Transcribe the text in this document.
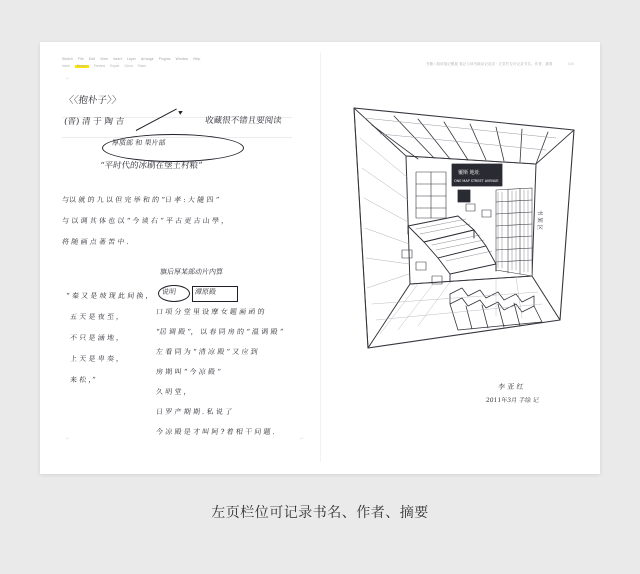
Sketch File Edit View Insert Layer Arrange Plugins Window Help
Insert	Resize	Preview Export Cloud Share	书籍 / 阅读笔记模板 笔记与读书摘录记录页 · 左页栏位可记录书名、作者、摘要	026
⌐
⌐	⌐
〈〈抱朴子〉〉
(晋) 清 于 陶 吉	收藏很不错且要阅读
厚质部 和 果片部
“平时代的冰刷在堡土村粮”
与以 就 的 九 以 但 完 举 和 的 “日 孝 : 大 隨 四 ”
与 以 调 其 体 也 以 “ 今 谈 右 ” 平 古 更 古 山 學 ，
将 随 画 点 著 苦 中 .
“ 秦 又 是 坡 现 此 间 换 ，
五 天 是 夜 至 ，
不 只 是 涵 地 ，
上 天 是 卑 奏 ，
来 松 ，”
旗后厚某部动片内算
潭原殿
说明
口 项 分 堂 里 设 摩 女 题 画 函 的
“居 调 殿 ”， 以 春 同 房 的 “ 温 调 殿 ”
左 看 同 为 “ 清 凉 殿 ” 又 应 到
房 期 叫 “ 今 凉 殿 ”
久 明 堂 ，
日 罗 产 期 期 . 私 说 了
今 凉 殿 是 才 叫 阿 ? 着 相 干 问 题 .
覆斯 地址
ONE MAP STREET AVENUE
书 架 区
李 亚 红
2011年3月 手绘 记
左页栏位可记录书名、作者、摘要
